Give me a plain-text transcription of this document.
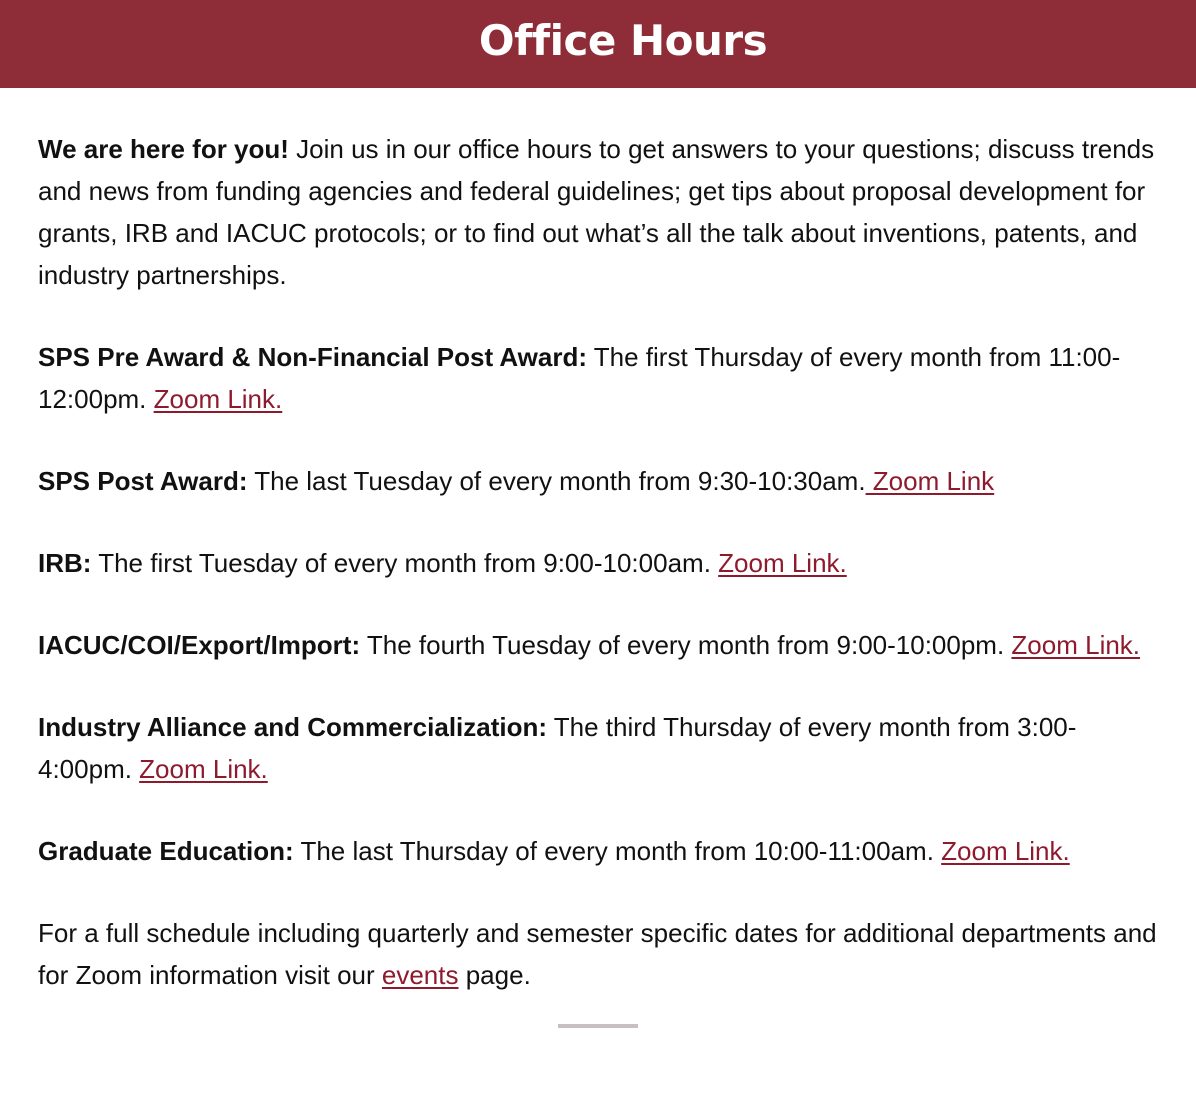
Office Hours

We are here for you! Join us in our office hours to get answers to your questions; discuss trends and news from funding agencies and federal guidelines; get tips about proposal development for grants, IRB and IACUC protocols; or to find out what’s all the talk about inventions, patents, and industry partnerships.

SPS Pre Award & Non-Financial Post Award: The first Thursday of every month from 11:00-12:00pm. Zoom Link.

SPS Post Award: The last Tuesday of every month from 9:30-10:30am. Zoom Link

IRB: The first Tuesday of every month from 9:00-10:00am. Zoom Link.

IACUC/COI/Export/Import: The fourth Tuesday of every month from 9:00-10:00pm. Zoom Link.

Industry Alliance and Commercialization: The third Thursday of every month from 3:00-4:00pm. Zoom Link.

Graduate Education: The last Thursday of every month from 10:00-11:00am. Zoom Link.

For a full schedule including quarterly and semester specific dates for additional departments and for Zoom information visit our events page.
